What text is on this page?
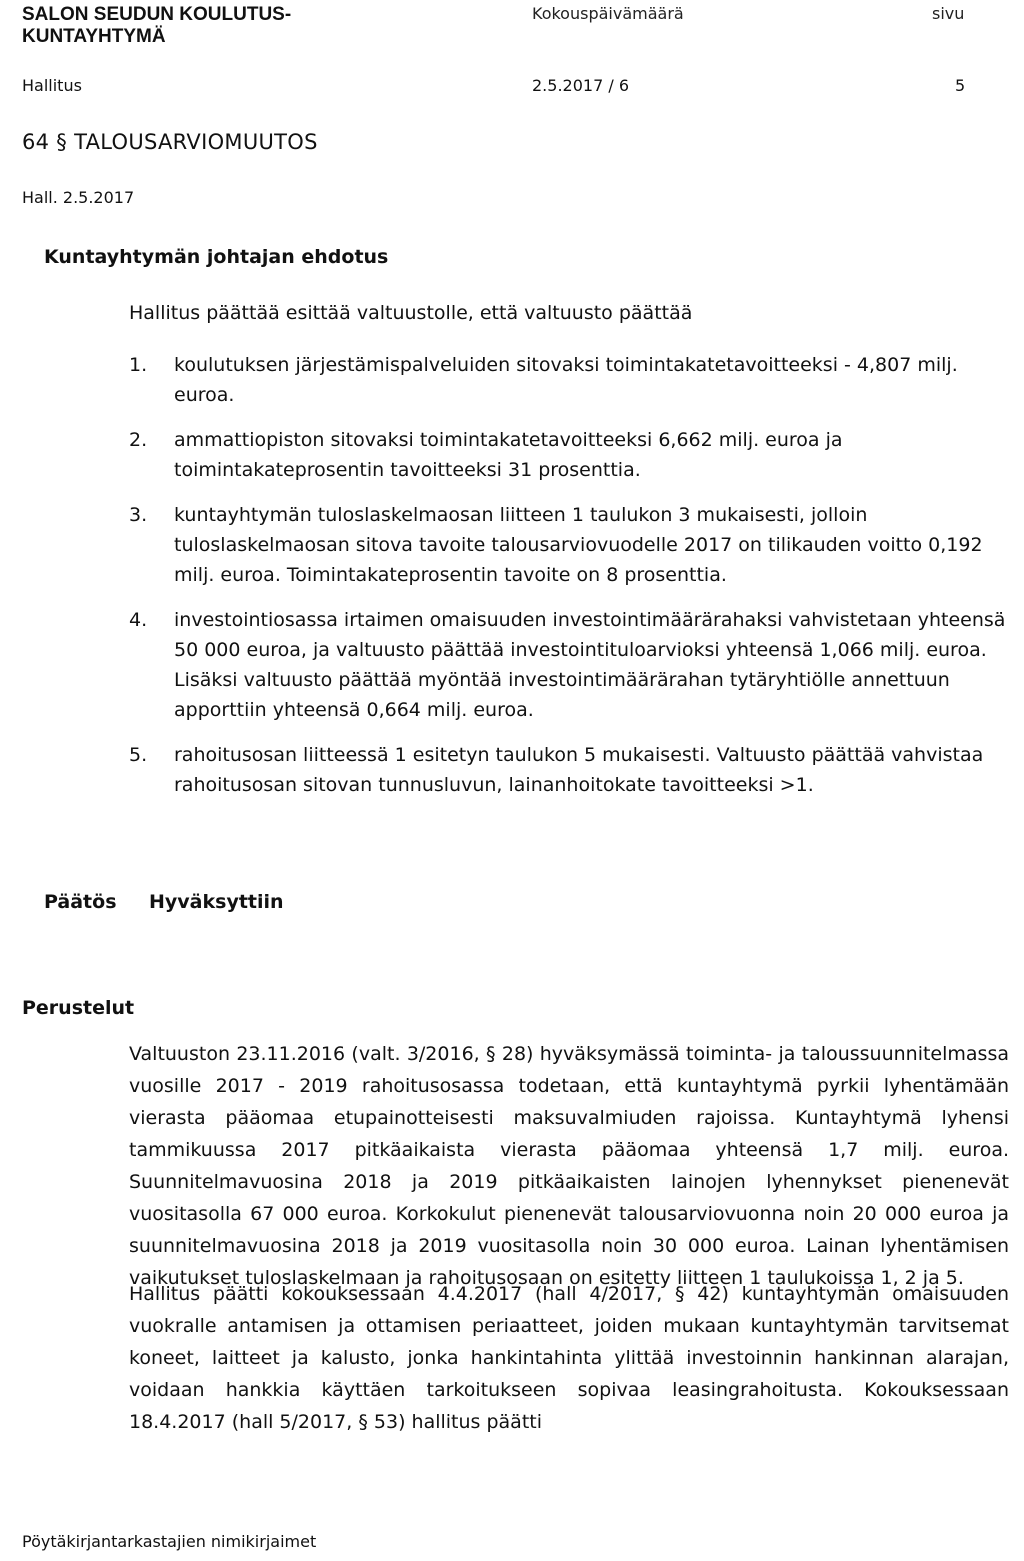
SALON SEUDUN KOULUTUS-
KUNTAYHTYMÄ
Kokouspäivämäärä	sivu
Hallitus	2.5.2017 / 6	5
64 § TALOUSARVIOMUUTOS
Hall. 2.5.2017
Kuntayhtymän johtajan ehdotus
Hallitus päättää esittää valtuustolle, että valtuusto päättää
1.	koulutuksen järjestämispalveluiden sitovaksi toimintakatetavoitteeksi - 4,807 milj. euroa.
2.	ammattiopiston sitovaksi toimintakatetavoitteeksi 6,662 milj. euroa ja toimintakateprosentin tavoitteeksi 31 prosenttia.
3.	kuntayhtymän tuloslaskelmaosan liitteen 1 taulukon 3 mukaisesti, jolloin tuloslaskelmaosan sitova tavoite talousarviovuodelle 2017 on tilikauden voitto 0,192 milj. euroa. Toimintakateprosentin tavoite on 8 prosenttia.
4.	investointiosassa irtaimen omaisuuden investointimäärärahaksi vahvistetaan yhteensä 50 000 euroa, ja valtuusto päättää investointituloarvioksi yhteensä 1,066 milj. euroa. Lisäksi valtuusto päättää myöntää investointimäärärahan tytäryhtiölle annettuun apporttiin yhteensä 0,664 milj. euroa.
5.	rahoitusosan liitteessä 1 esitetyn taulukon 5 mukaisesti. Valtuusto päättää vahvistaa rahoitusosan sitovan tunnusluvun, lainanhoitokate tavoitteeksi >1.
Päätös Hyväksyttiin
Perustelut
Valtuuston 23.11.2016 (valt. 3/2016, § 28) hyväksymässä toiminta- ja taloussuunnitelmassa vuosille 2017 - 2019 rahoitusosassa todetaan, että kuntayhtymä pyrkii lyhentämään vierasta pääomaa etupainotteisesti maksuvalmiuden rajoissa. Kuntayhtymä lyhensi tammikuussa 2017 pitkäaikaista vierasta pääomaa yhteensä 1,7 milj. euroa. Suunnitelmavuosina 2018 ja 2019 pitkäaikaisten lainojen lyhennykset pienenevät vuositasolla 67 000 euroa. Korkokulut pienenevät talousarviovuonna noin 20 000 euroa ja suunnitelmavuosina 2018 ja 2019 vuositasolla noin 30 000 euroa. Lainan lyhentämisen vaikutukset tuloslaskelmaan ja rahoitusosaan on esitetty liitteen 1 taulukoissa 1, 2 ja 5.
Hallitus päätti kokouksessaan 4.4.2017 (hall 4/2017, § 42) kuntayhtymän omaisuuden vuokralle antamisen ja ottamisen periaatteet, joiden mukaan kuntayhtymän tarvitsemat koneet, laitteet ja kalusto, jonka hankintahinta ylittää investoinnin hankinnan alarajan, voidaan hankkia käyttäen tarkoitukseen sopivaa leasingrahoitusta. Kokouksessaan 18.4.2017 (hall 5/2017, § 53) hallitus päätti
Pöytäkirjantarkastajien nimikirjaimet
